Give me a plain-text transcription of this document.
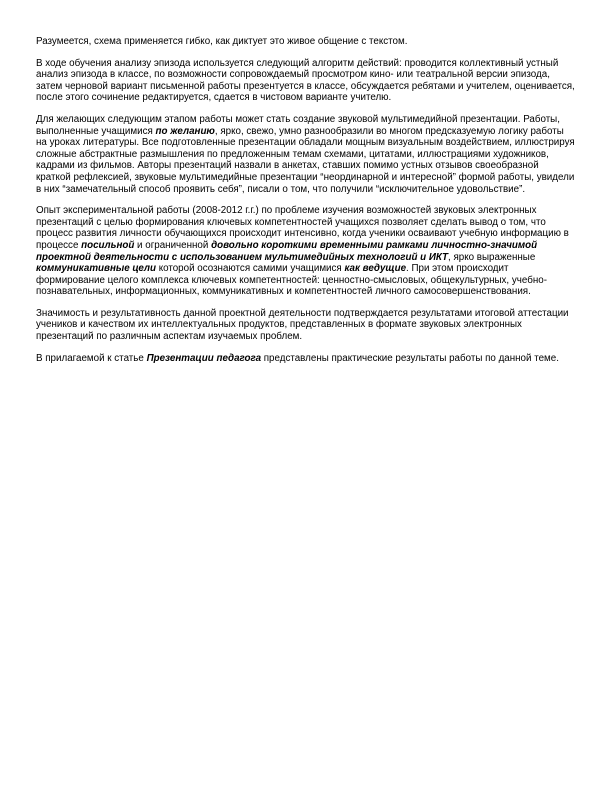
Разумеется, схема применяется гибко, как диктует это живое общение с текстом.

В ходе обучения анализу эпизода используется следующий алгоритм действий: проводится коллективный устный анализ эпизода в классе, по возможности сопровождаемый просмотром кино- или театральной версии эпизода, затем черновой вариант письменной работы презентуется в классе, обсуждается ребятами и учителем, оценивается, после этого сочинение редактируется, сдается в чистовом варианте учителю.

Для желающих следующим этапом работы может стать создание звуковой мультимедийной презентации. Работы, выполненные учащимися по желанию, ярко, свежо, умно разнообразили во многом предсказуемую логику работы на уроках литературы. Все подготовленные презентации обладали мощным визуальным воздействием, иллюстрируя сложные абстрактные размышления по предложенным темам схемами, цитатами, иллюстрациями художников, кадрами из фильмов. Авторы презентаций назвали в анкетах, ставших помимо устных отзывов своеобразной краткой рефлексией, звуковые мультимедийные презентации “неординарной и интересной” формой работы, увидели в них “замечательный способ проявить себя”, писали о том, что получили “исключительное удовольствие”.

Опыт экспериментальной работы (2008-2012 г.г.) по проблеме изучения возможностей звуковых электронных презентаций с целью формирования ключевых компетентностей учащихся позволяет сделать вывод о том, что процесс развития личности обучающихся происходит интенсивно, когда ученики осваивают учебную информацию в процессе посильной и ограниченной довольно короткими временными рамками личностно-значимой проектной деятельности с использованием мультимедийных технологий и ИКТ, ярко выраженные коммуникативные цели которой осознаются самими учащимися как ведущие. При этом происходит формирование целого комплекса ключевых компетентностей: ценностно-смысловых, общекультурных, учебно-познавательных, информационных, коммуникативных и компетентностей личного самосовершенствования.

Значимость и результативность данной проектной деятельности подтверждается результатами итоговой аттестации учеников и качеством их интеллектуальных продуктов, представленных в формате звуковых электронных презентаций по различным аспектам изучаемых проблем.

В прилагаемой к статье Презентации педагога представлены практические результаты работы по данной теме.
